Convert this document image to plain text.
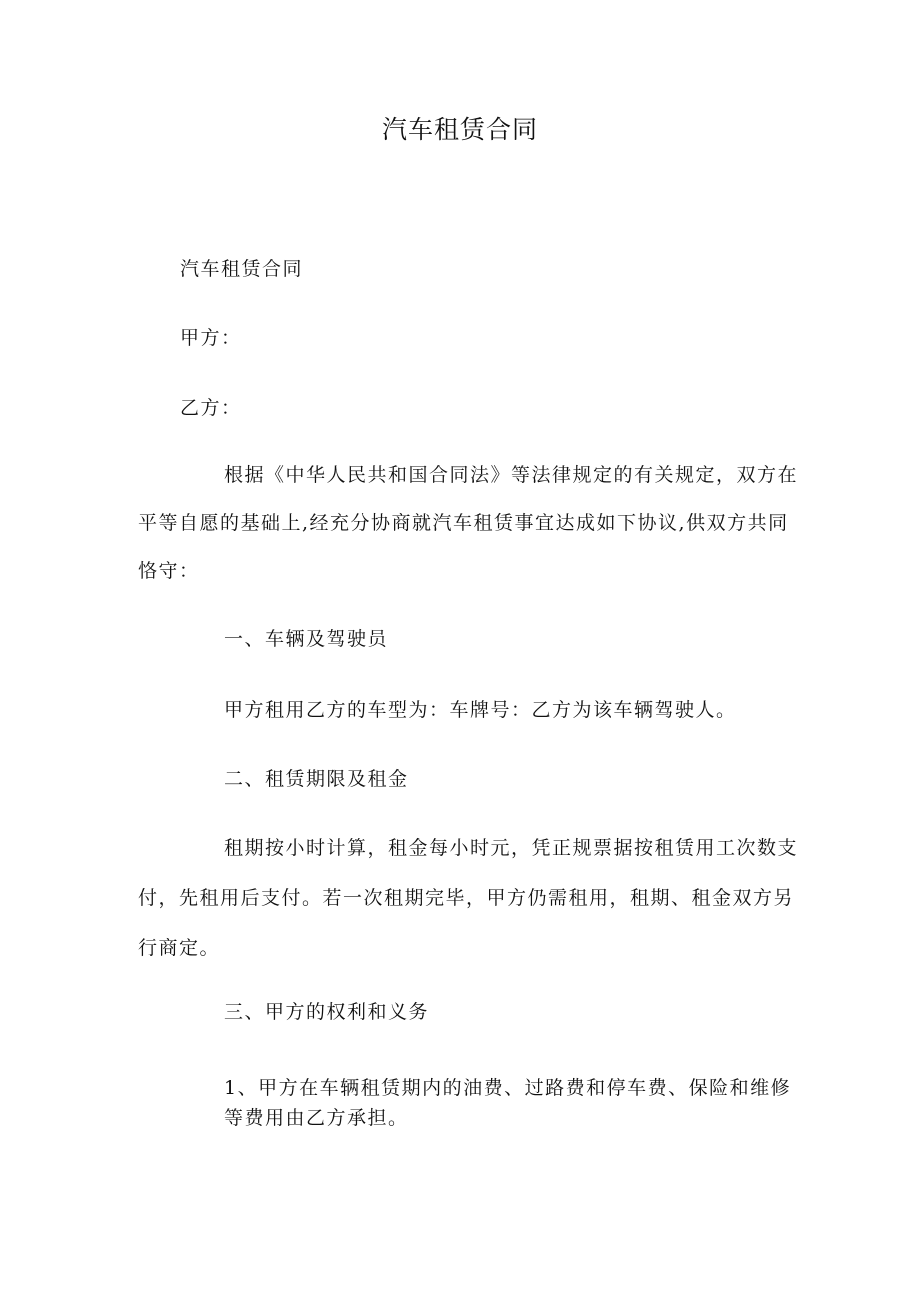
汽车租赁合同
汽车租赁合同
甲方：
乙方：
根据《中华人民共和国合同法》等法律规定的有关规定，双方在
平等自愿的基础上,经充分协商就汽车租赁事宜达成如下协议,供双方共同
恪守：
一、车辆及驾驶员
甲方租用乙方的车型为：车牌号：乙方为该车辆驾驶人。
二、租赁期限及租金
租期按小时计算，租金每小时元，凭正规票据按租赁用工次数支
付，先租用后支付。若一次租期完毕，甲方仍需租用，租期、租金双方另
行商定。
三、甲方的权利和义务
1、甲方在车辆租赁期内的油费、过路费和停车费、保险和维修
等费用由乙方承担。
